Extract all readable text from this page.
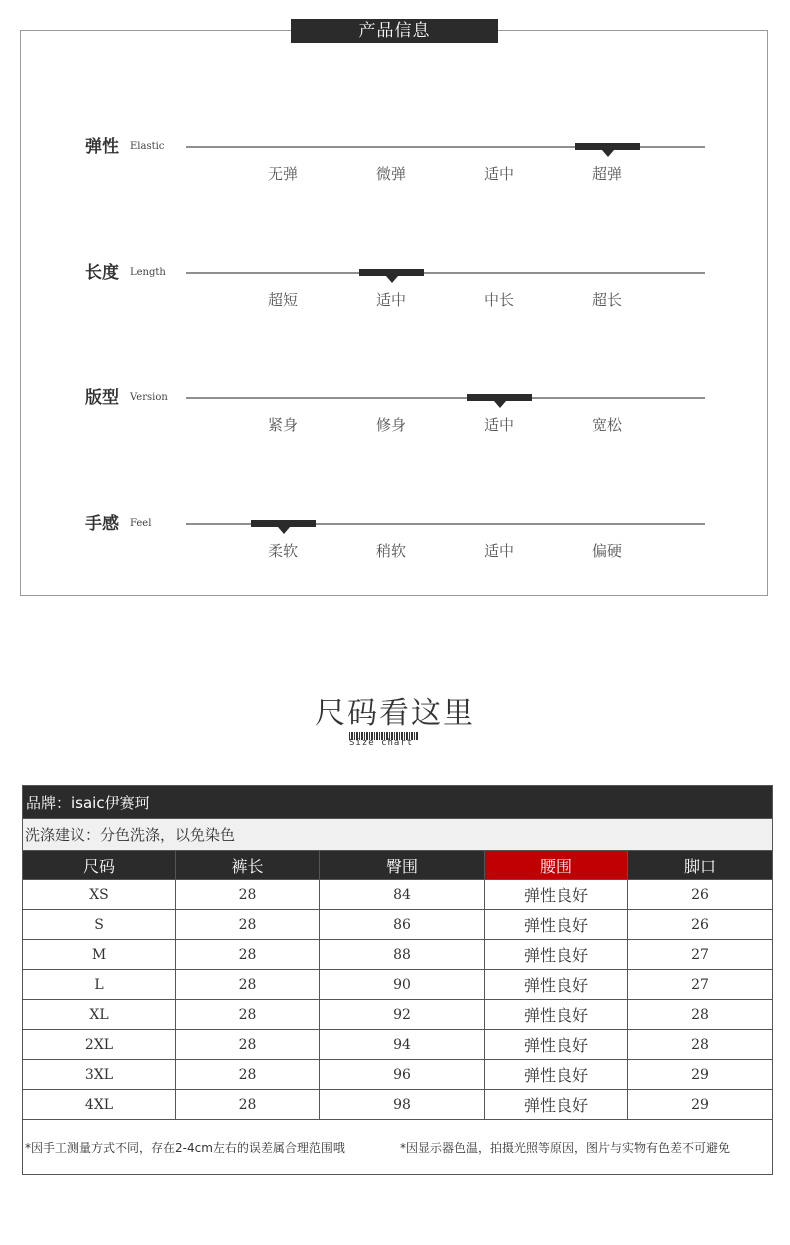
产品信息
弹性 Elastic
无弹	微弹	适中	超弹
长度 Length
超短	适中	中长	超长
版型 Version
紧身	修身	适中	宽松
手感 Feel
柔软	稍软	适中	偏硬
尺码看这里
Size chart
品牌：isaic伊赛珂				
洗涤建议：分色洗涤，以免染色				
尺码	裤长	臀围	腰围	脚口
XS	28	84	弹性良好	26
S	28	86	弹性良好	26
M	28	88	弹性良好	27
L	28	90	弹性良好	27
XL	28	92	弹性良好	28
2XL	28	94	弹性良好	28
3XL	28	96	弹性良好	29
4XL	28	98	弹性良好	29
*因手工测量方式不同，存在2-4cm左右的误差属合理范围哦 *因显示器色温，拍摄光照等原因，图片与实物有色差不可避免				
